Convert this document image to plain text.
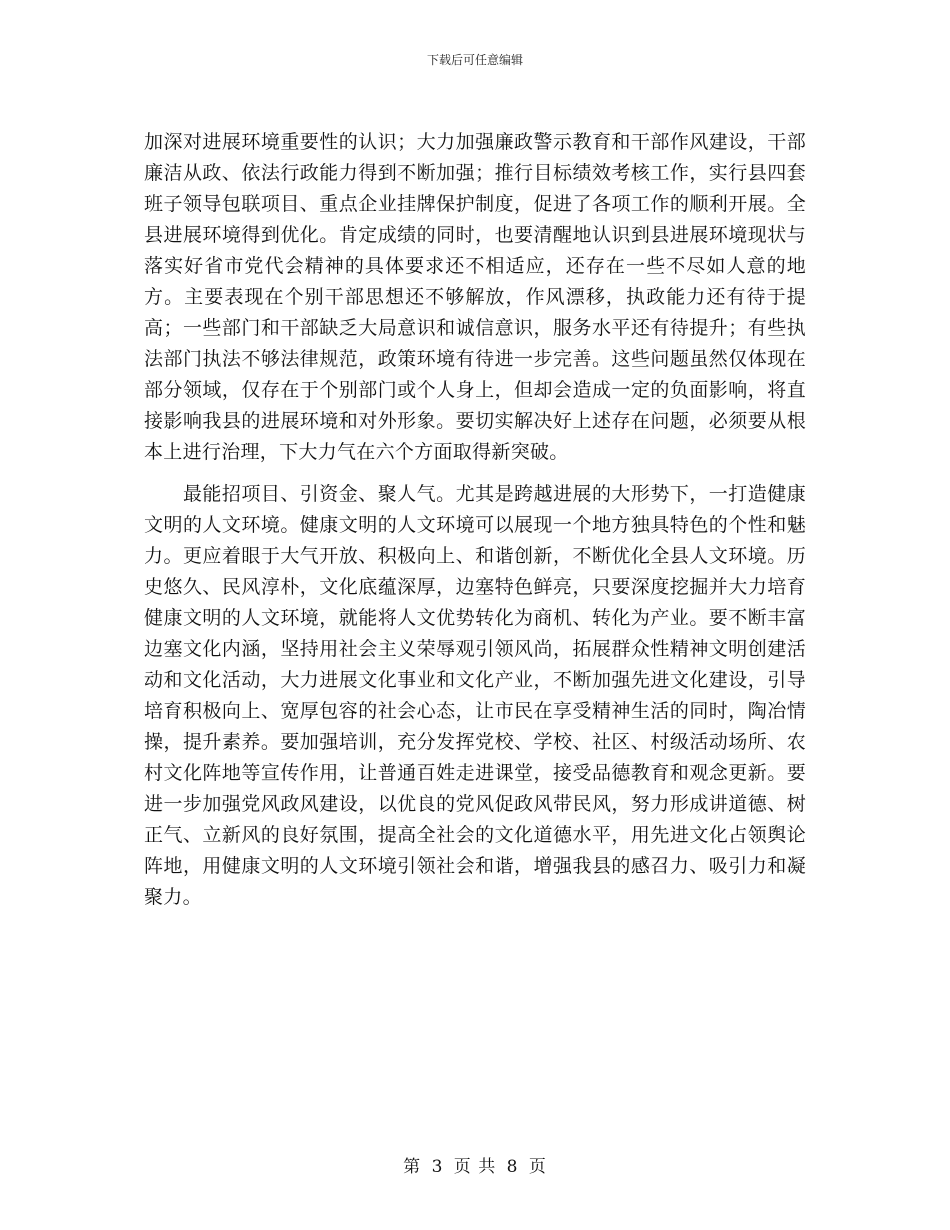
下载后可任意编辑

加深对进展环境重要性的认识；大力加强廉政警示教育和干部作风建设，干部廉洁从政、依法行政能力得到不断加强；推行目标绩效考核工作，实行县四套班子领导包联项目、重点企业挂牌保护制度，促进了各项工作的顺利开展。全县进展环境得到优化。肯定成绩的同时，也要清醒地认识到县进展环境现状与落实好省市党代会精神的具体要求还不相适应，还存在一些不尽如人意的地方。主要表现在个别干部思想还不够解放，作风漂移，执政能力还有待于提高；一些部门和干部缺乏大局意识和诚信意识，服务水平还有待提升；有些执法部门执法不够法律规范，政策环境有待进一步完善。这些问题虽然仅体现在部分领域，仅存在于个别部门或个人身上，但却会造成一定的负面影响，将直接影响我县的进展环境和对外形象。要切实解决好上述存在问题，必须要从根本上进行治理，下大力气在六个方面取得新突破。

　　最能招项目、引资金、聚人气。尤其是跨越进展的大形势下，一打造健康文明的人文环境。健康文明的人文环境可以展现一个地方独具特色的个性和魅力。更应着眼于大气开放、积极向上、和谐创新，不断优化全县人文环境。历史悠久、民风淳朴，文化底蕴深厚，边塞特色鲜亮，只要深度挖掘并大力培育健康文明的人文环境，就能将人文优势转化为商机、转化为产业。要不断丰富边塞文化内涵，坚持用社会主义荣辱观引领风尚，拓展群众性精神文明创建活动和文化活动，大力进展文化事业和文化产业，不断加强先进文化建设，引导培育积极向上、宽厚包容的社会心态，让市民在享受精神生活的同时，陶冶情操，提升素养。要加强培训，充分发挥党校、学校、社区、村级活动场所、农村文化阵地等宣传作用，让普通百姓走进课堂，接受品德教育和观念更新。要进一步加强党风政风建设，以优良的党风促政风带民风，努力形成讲道德、树正气、立新风的良好氛围，提高全社会的文化道德水平，用先进文化占领舆论阵地，用健康文明的人文环境引领社会和谐，增强我县的感召力、吸引力和凝聚力。

第 3 页 共 8 页
